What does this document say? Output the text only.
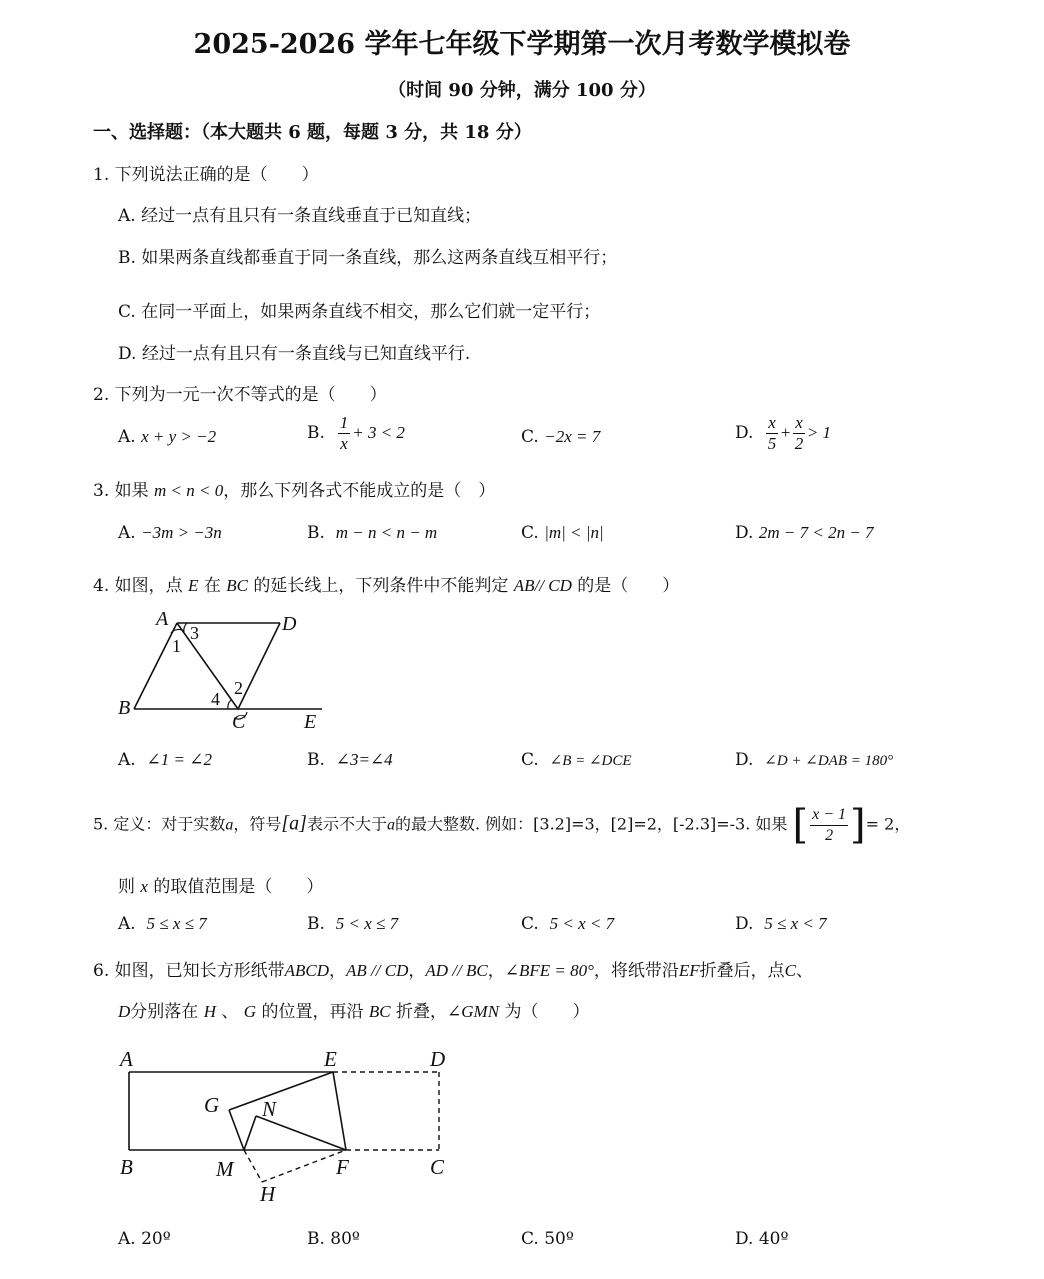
2025-2026 学年七年级下学期第一次月考数学模拟卷
（时间 90 分钟，满分 100 分）
一、选择题：（本大题共 6 题，每题 3 分，共 18 分）
1. 下列说法正确的是（　　）
A. 经过一点有且只有一条直线垂直于已知直线；
B. 如果两条直线都垂直于同一条直线，那么这两条直线互相平行；
C. 在同一平面上，如果两条直线不相交，那么它们就一定平行；
D. 经过一点有且只有一条直线与已知直线平行.
2. 下列为一元一次不等式的是（　　）
A. x + y > −2	B. $\frac{1}{x} + 3 < 2$	C. −2x = 7	D. $\frac{x}{5} + \frac{x}{2} > 1$
3. 如果 m < n < 0，那么下列各式不能成立的是（　）
A. −3m > −3n	B. m − n < n − m	C. |m| < |n|	D. 2m − 7 < 2n − 7
4. 如图，点 E 在 BC 的延长线上，下列条件中不能判定 AB// CD 的是（　　）
A
B
C
D
E
1
2
3
4
A. ∠1 = ∠2	B. ∠3=∠4	C. ∠B = ∠DCE	D. ∠D + ∠DAB = 180°
5. 定义：对于实数a，符号[a]表示不大于a的最大整数. 例如：[3.2]=3，[2]=2，[-2.3]=-3. 如果 [ $\frac{x - 1}{2}$ ]= 2，
则 x 的取值范围是（　　）
A. 5 ≤ x ≤ 7	B. 5 < x ≤ 7	C. 5 < x < 7	D. 5 ≤ x < 7
6. 如图，已知长方形纸带ABCD，AB // CD，AD // BC，∠BFE = 80°，将纸带沿EF折叠后，点C、
D分别落在 H 、 G 的位置，再沿 BC 折叠，∠GMN 为（　　）
A
B	C
D
E
F
G
H
M
N
A. 20º	B. 80º	C. 50º	D. 40º
